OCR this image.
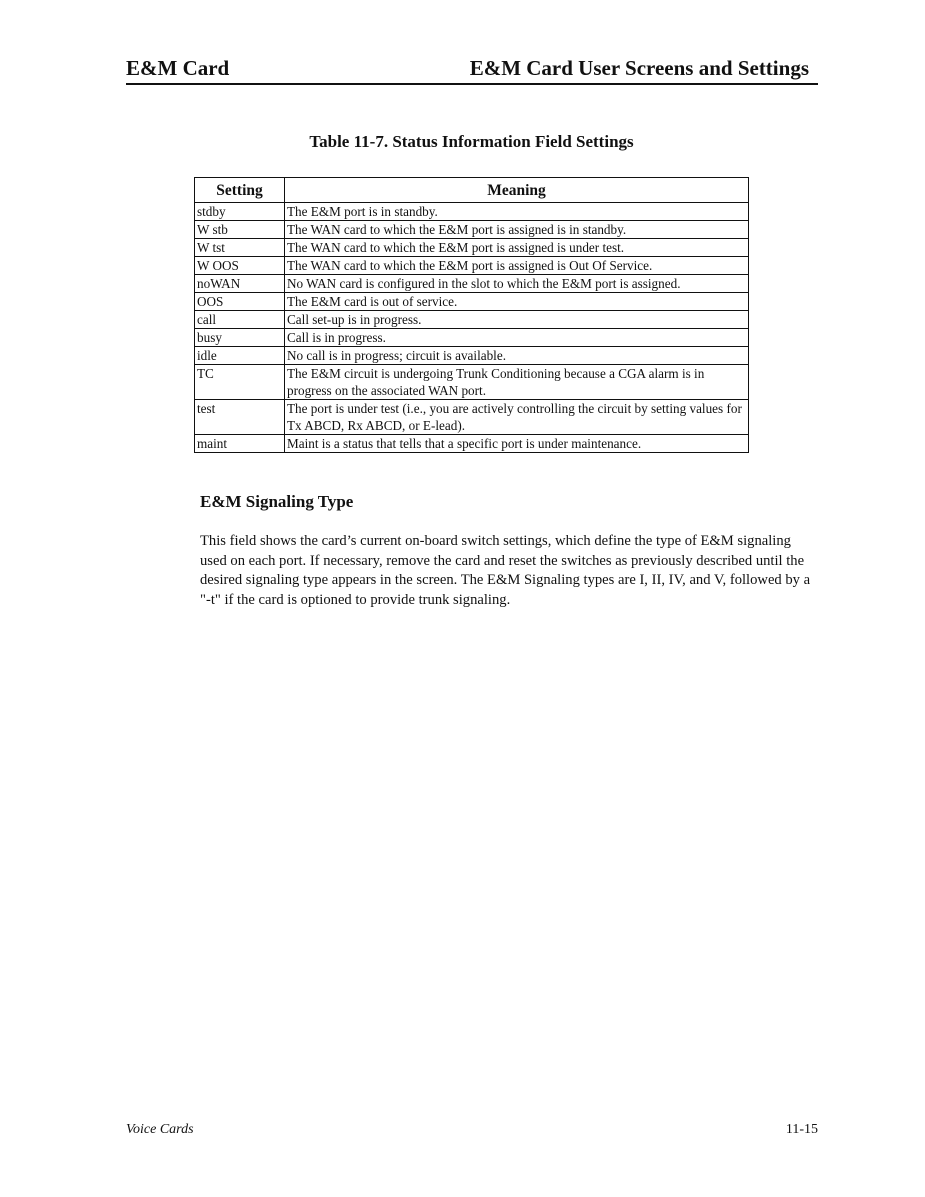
E&M Card	E&M Card User Screens and Settings
Table 11-7. Status Information Field Settings
Setting	Meaning
stdby	The E&M port is in standby.
W stb	The WAN card to which the E&M port is assigned is in standby.
W tst	The WAN card to which the E&M port is assigned is under test.
W OOS	The WAN card to which the E&M port is assigned is Out Of Service.
noWAN	No WAN card is configured in the slot to which the E&M port is assigned.
OOS	The E&M card is out of service.
call	Call set-up is in progress.
busy	Call is in progress.
idle	No call is in progress; circuit is available.
TC	The E&M circuit is undergoing Trunk Conditioning because a CGA alarm is in progress on the associated WAN port.
test	The port is under test (i.e., you are actively controlling the circuit by setting values for Tx ABCD, Rx ABCD, or E-lead).
maint	Maint is a status that tells that a specific port is under maintenance.
E&M Signaling Type
This field shows the card’s current on-board switch settings, which define the type of E&M signaling used on each port. If necessary, remove the card and reset the switches as previously described until the desired signaling type appears in the screen. The E&M Signaling types are I, II, IV, and V, followed by a "-t" if the card is optioned to provide trunk signaling.
Voice Cards	11-15
